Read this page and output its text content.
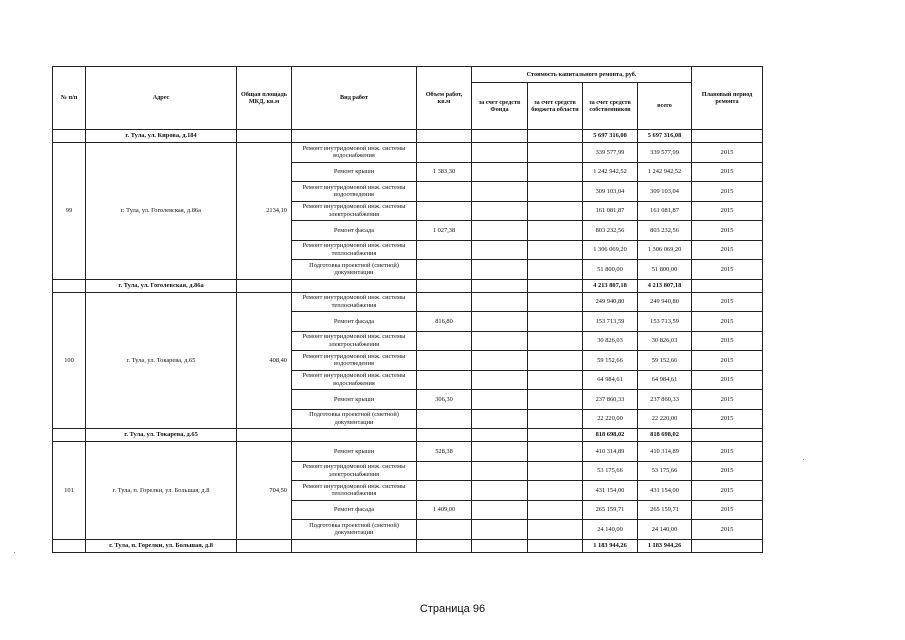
№ п/п	Адрес	Общая площадь МКД, кв.м	Вид работ	Объем работ, кв.м	Стоимость капитального ремонта, руб.				Плановый период ремонта
					за счет средств Фонда	за счет средств бюджета области	за счет средств собственников	всего	
	г. Тула, ул. Кирова, д.184						5 697 316,08	5 697 316,08	
99	г. Тула, ул. Гоголевская, д.86а	2134,10	Ремонт внутридомовой инж. системы водоснабжения				339 577,99	339 577,99	2015
			Ремонт крыши	1 383,30			1 242 942,52	1 242 942,52	2015
			Ремонт внутридомовой инж. системы водоотведения				309 103,04	309 103,04	2015
			Ремонт внутридомовой инж. системы электроснабжения				161 081,87	161 081,87	2015
			Ремонт фасада	1 027,38			803 232,56	803 232,56	2015
			Ремонт внутридомовой инж. системы теплоснабжения				1 306 069,20	1 306 069,20	2015
			Подготовка проектной (сметной) документации				51 800,00	51 800,00	2015
	г. Тула, ул. Гоголевская, д.86а						4 213 807,18	4 213 807,18	
100	г. Тула, ул. Токарева, д.65	408,40	Ремонт внутридомовой инж. системы теплоснабжения				249 940,80	249 940,80	2015
			Ремонт фасада	816,80			153 713,59	153 713,59	2015
			Ремонт внутридомовой инж. системы электроснабжения				30 826,03	30 826,03	2015
			Ремонт внутридомовой инж. системы водоотведения				59 152,66	59 152,66	2015
			Ремонт внутридомовой инж. системы водоснабжения				64 984,61	64 984,61	2015
			Ремонт крыши	306,30			237 860,33	237 860,33	2015
			Подготовка проектной (сметной) документации				22 220,00	22 220,00	2015
	г. Тула, ул. Токарева, д.65						818 698,02	818 698,02	
101	г. Тула, п. Горелки, ул. Большая, д.8	704,50	Ремонт крыши	528,38			410 314,89	410 314,89	2015
			Ремонт внутридомовой инж. системы электроснабжения				53 175,66	53 175,66	2015
			Ремонт внутридомовой инж. системы теплоснабжения				431 154,00	431 154,00	2015
			Ремонт фасада	1 409,00			265 159,71	265 159,71	2015
			Подготовка проектной (сметной) документации				24 140,00	24 140,00	2015
	г. Тула, п. Горелки, ул. Большая, д.8						1 183 944,26	1 183 944,26	
Страница 96
